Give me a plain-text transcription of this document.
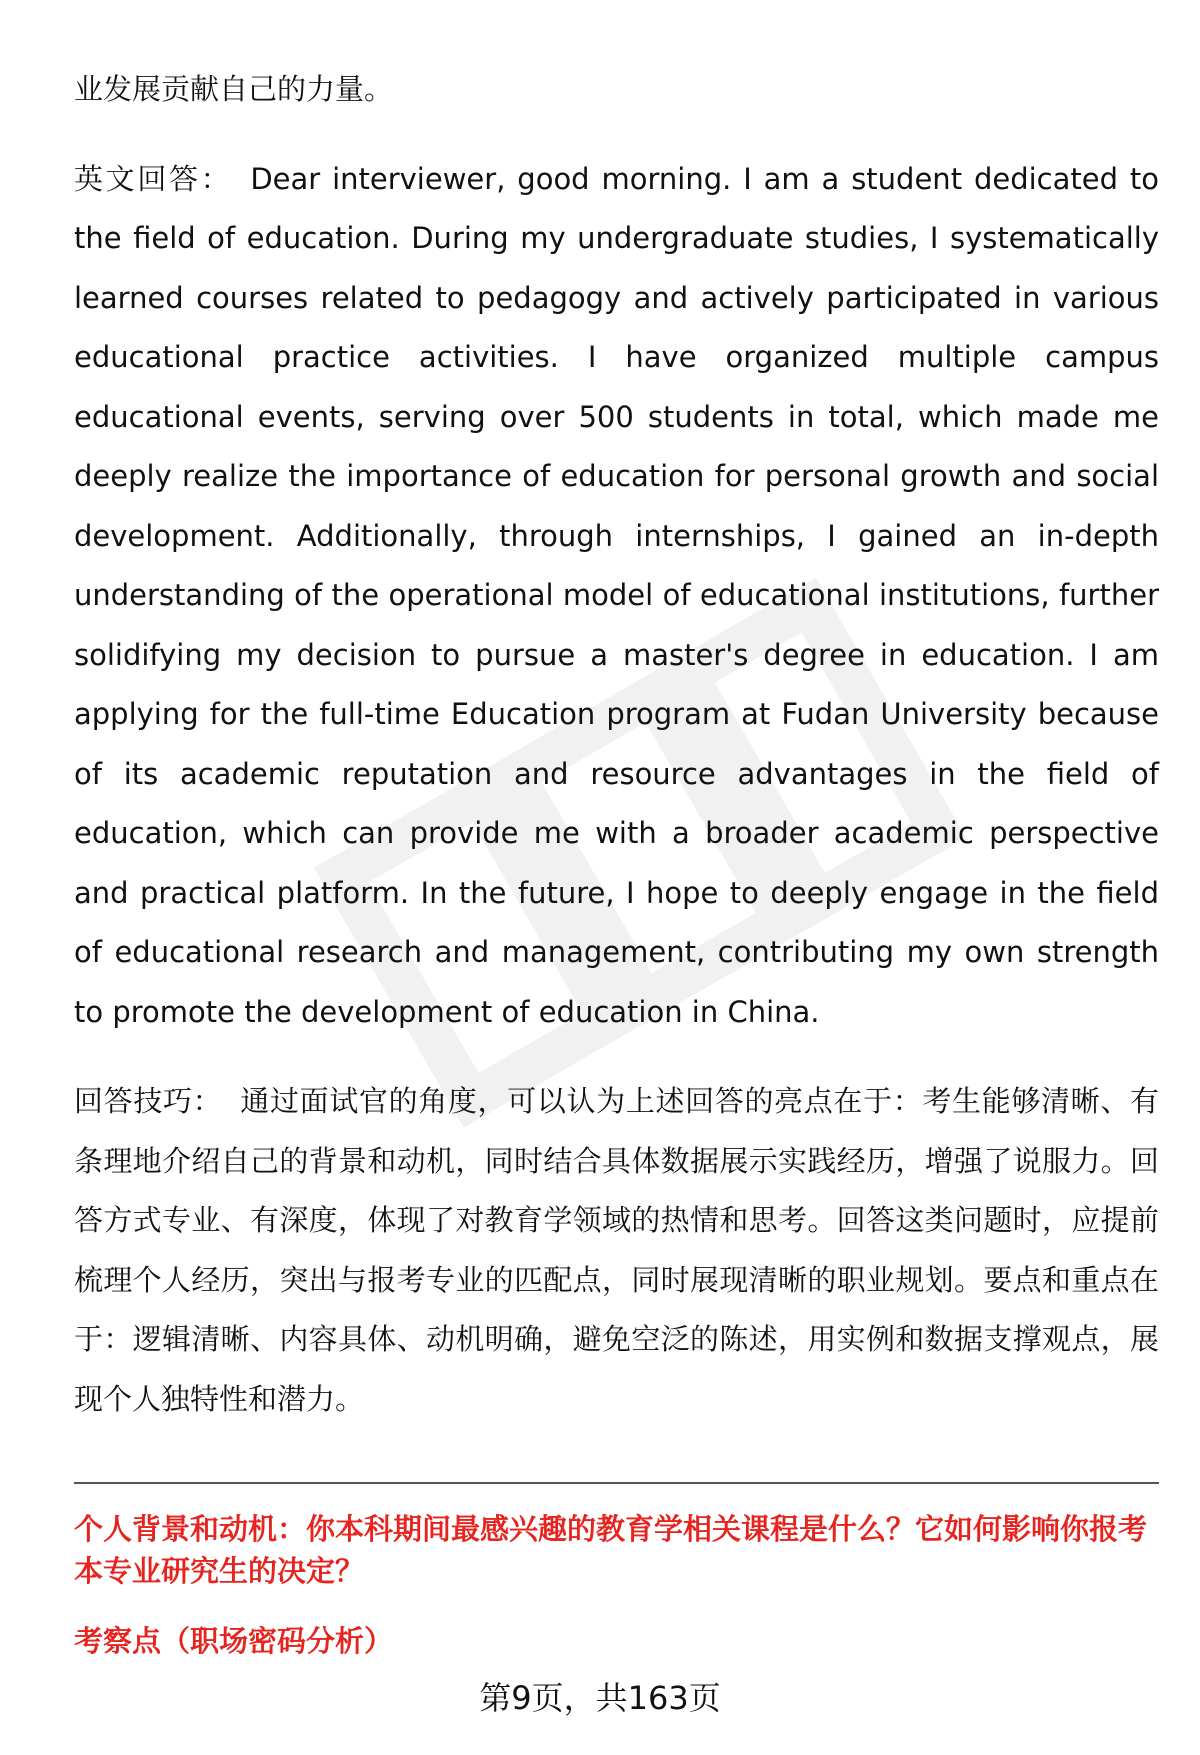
业发展贡献自己的力量。

英文回答： Dear interviewer, good morning. I am a student dedicated to the field of education. During my undergraduate studies, I systematically learned courses related to pedagogy and actively participated in various educational practice activities. I have organized multiple campus educational events, serving over 500 students in total, which made me deeply realize the importance of education for personal growth and social development. Additionally, through internships, I gained an in-depth understanding of the operational model of educational institutions, further solidifying my decision to pursue a master's degree in education. I am applying for the full-time Education program at Fudan University because of its academic reputation and resource advantages in the field of education, which can provide me with a broader academic perspective and practical platform. In the future, I hope to deeply engage in the field of educational research and management, contributing my own strength to promote the development of education in China.

回答技巧： 通过面试官的角度，可以认为上述回答的亮点在于：考生能够清晰、有条理地介绍自己的背景和动机，同时结合具体数据展示实践经历，增强了说服力。回答方式专业、有深度，体现了对教育学领域的热情和思考。回答这类问题时，应提前梳理个人经历，突出与报考专业的匹配点，同时展现清晰的职业规划。要点和重点在于：逻辑清晰、内容具体、动机明确，避免空泛的陈述，用实例和数据支撑观点，展现个人独特性和潜力。

个人背景和动机：你本科期间最感兴趣的教育学相关课程是什么？它如何影响你报考本专业研究生的决定？

考察点（职场密码分析）

第9页，共163页
